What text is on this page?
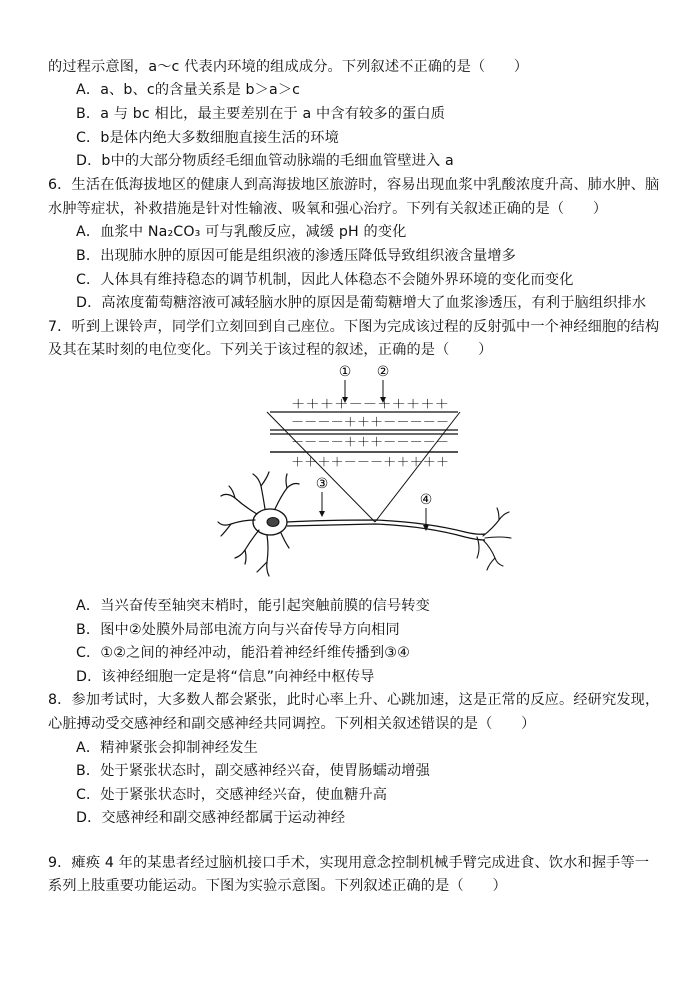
的过程示意图，a～c 代表内环境的组成成分。下列叙述不正确的是（　　）
A．a、b、c的含量关系是 b＞a＞c
B．a 与 bc 相比，最主要差别在于 a 中含有较多的蛋白质
C．b是体内绝大多数细胞直接生活的环境
D．b中的大部分物质经毛细血管动脉端的毛细血管壁进入 a
6．生活在低海拔地区的健康人到高海拔地区旅游时，容易出现血浆中乳酸浓度升高、肺水肿、脑
水肿等症状，补救措施是针对性输液、吸氧和强心治疗。下列有关叙述正确的是（　　）
A．血浆中 Na₂CO₃ 可与乳酸反应，减缓 pH 的变化
B．出现肺水肿的原因可能是组织液的渗透压降低导致组织液含量增多
C．人体具有维持稳态的调节机制，因此人体稳态不会随外界环境的变化而变化
D．高浓度葡萄糖溶液可减轻脑水肿的原因是葡萄糖增大了血浆渗透压，有利于脑组织排水
7．听到上课铃声，同学们立刻回到自己座位。下图为完成该过程的反射弧中一个神经细胞的结构
及其在某时刻的电位变化。下列关于该过程的叙述，正确的是（　　）
① ②
＋＋＋＋－－＋＋＋＋＋
－－－－＋＋＋－－－－－
－－－－＋＋＋－－－－－
③
④
＋＋＋＋－－－＋＋＋＋＋
A．当兴奋传至轴突末梢时，能引起突触前膜的信号转变
B．图中②处膜外局部电流方向与兴奋传导方向相同
C．①②之间的神经冲动，能沿着神经纤维传播到③④
D．该神经细胞一定是将“信息”向神经中枢传导
8．参加考试时，大多数人都会紧张，此时心率上升、心跳加速，这是正常的反应。经研究发现，
心脏搏动受交感神经和副交感神经共同调控。下列相关叙述错误的是（　　）
A．精神紧张会抑制神经发生
B．处于紧张状态时，副交感神经兴奋，使胃肠蠕动增强
C．处于紧张状态时，交感神经兴奋，使血糖升高
D．交感神经和副交感神经都属于运动神经
9．瘫痪 4 年的某患者经过脑机接口手术，实现用意念控制机械手臂完成进食、饮水和握手等一
系列上肢重要功能运动。下图为实验示意图。下列叙述正确的是（　　）
